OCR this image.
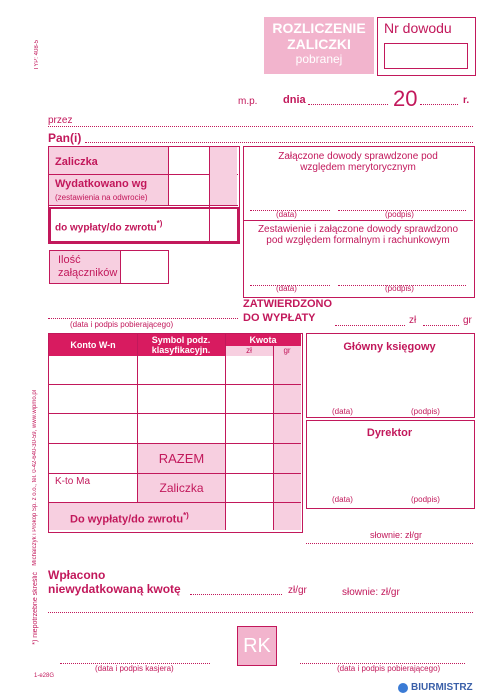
TYP: 408-5
Michalczyk i Prokop Sp. z o.o., tel. 0-42-640-30-59, www.wipmo.pl
*) niepotrzebne skreślić
1-e28G
ROZLICZENIE
ZALICZKI
pobranej
Nr dowodu
m.p. dnia	20	r.
przez
Pan(i)
Zaliczka
Wydatkowano wg
(zestawienia na odwrocie)
do wypłaty/do zwrotu*)
Ilość
załączników
(data i podpis pobierającego)
Załączone dowody sprawdzone pod
względem merytorycznym
(data)	(podpis)
Zestawienie i załączone dowody sprawdzono
pod względem formalnym i rachunkowym
(data)	(podpis)
ZATWIERDZONO
DO WYPŁATY	zł	gr
Konto W-n	Symbol podz.
klasyfikacyjn.
Kwota
zł	gr
RAZEM
K-to Ma	Zaliczka
Do wypłaty/do zwrotu*)
Główny księgowy
(data)	(podpis)
Dyrektor
(data)	(podpis)
słownie: zł/gr
Wpłacono
niewydatkowaną kwotę	zł/gr	słownie: zł/gr
RK
(data i podpis kasjera)	(data i podpis pobierającego)
BIURMISTRZ
